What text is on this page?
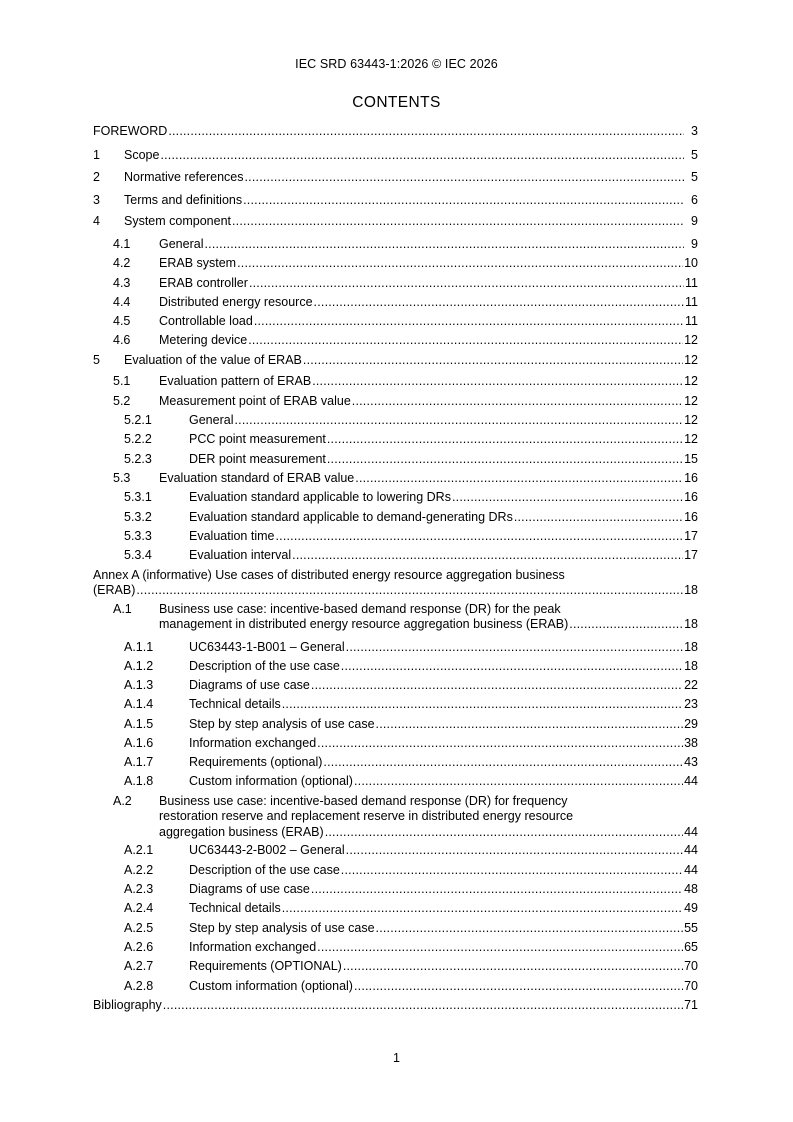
IEC SRD 63443-1:2026 © IEC 2026
CONTENTS
FOREWORD .....	3
1	Scope .....	5
2	Normative references .....	5
3	Terms and definitions .....	6
4	System component .....	9
4.1	General .....	9
4.2	ERAB system .....	10
4.3	ERAB controller .....	11
4.4	Distributed energy resource .....	11
4.5	Controllable load .....	11
4.6	Metering device .....	12
5	Evaluation of the value of ERAB .....	12
5.1	Evaluation pattern of ERAB .....	12
5.2	Measurement point of ERAB value .....	12
5.2.1	General .....	12
5.2.2	PCC point measurement .....	12
5.2.3	DER point measurement .....	15
5.3	Evaluation standard of ERAB value .....	16
5.3.1	Evaluation standard applicable to lowering DRs .....	16
5.3.2	Evaluation standard applicable to demand-generating DRs .....	16
5.3.3	Evaluation time .....	17
5.3.4	Evaluation interval .....	17
Annex A (informative) Use cases of distributed energy resource aggregation business
(ERAB) .....	18
A.1	Business use case: incentive-based demand response (DR) for the peak
management in distributed energy resource aggregation business (ERAB) .....	18
A.1.1	UC63443-1-B001 – General .....	18
A.1.2	Description of the use case .....	18
A.1.3	Diagrams of use case .....	22
A.1.4	Technical details .....	23
A.1.5	Step by step analysis of use case .....	29
A.1.6	Information exchanged .....	38
A.1.7	Requirements (optional) .....	43
A.1.8	Custom information (optional) .....	44
A.2	Business use case: incentive-based demand response (DR) for frequency
restoration reserve and replacement reserve in distributed energy resource
aggregation business (ERAB) .....	44
A.2.1	UC63443-2-B002 – General .....	44
A.2.2	Description of the use case .....	44
A.2.3	Diagrams of use case .....	48
A.2.4	Technical details .....	49
A.2.5	Step by step analysis of use case .....	55
A.2.6	Information exchanged .....	65
A.2.7	Requirements (OPTIONAL) .....	70
A.2.8	Custom information (optional) .....	70
Bibliography .....	71
1
